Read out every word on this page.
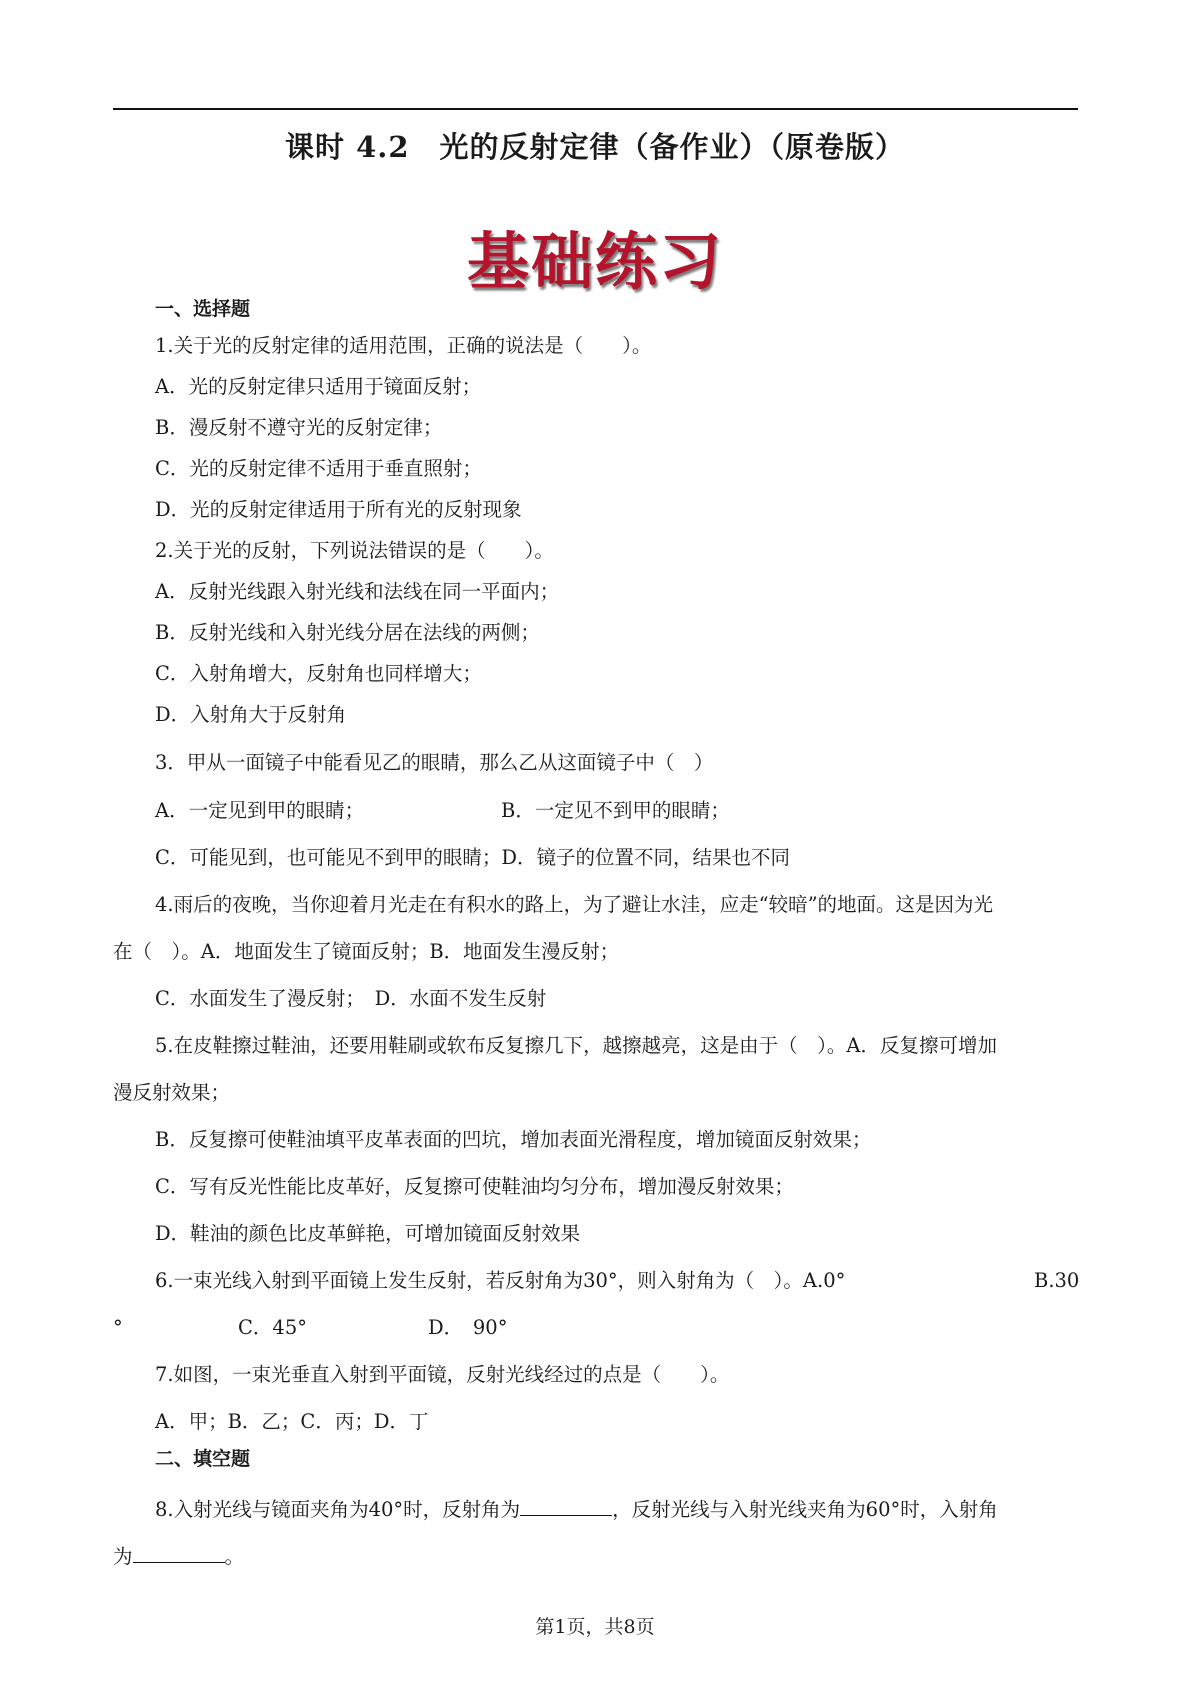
课时 4.2　光的反射定律（备作业）（原卷版）
基础练习
一、选择题
1.关于光的反射定律的适用范围，正确的说法是（　　）。
A．光的反射定律只适用于镜面反射；
B．漫反射不遵守光的反射定律；
C．光的反射定律不适用于垂直照射；
D．光的反射定律适用于所有光的反射现象
2.关于光的反射，下列说法错误的是（　　）。
A．反射光线跟入射光线和法线在同一平面内；
B．反射光线和入射光线分居在法线的两侧；
C．入射角增大，反射角也同样增大；
D．入射角大于反射角
3．甲从一面镜子中能看见乙的眼睛，那么乙从这面镜子中（　）
A．一定见到甲的眼睛；	B．一定见不到甲的眼睛；
C．可能见到，也可能见不到甲的眼睛；D．镜子的位置不同，结果也不同
4.雨后的夜晚，当你迎着月光走在有积水的路上，为了避让水洼，应走“较暗”的地面。这是因为光
在（　）。A．地面发生了镜面反射；B．地面发生漫反射；
C．水面发生了漫反射；　D．水面不发生反射
5.在皮鞋擦过鞋油，还要用鞋刷或软布反复擦几下，越擦越亮，这是由于（　）。A．反复擦可增加
漫反射效果；
B．反复擦可使鞋油填平皮革表面的凹坑，增加表面光滑程度，增加镜面反射效果；
C．写有反光性能比皮革好，反复擦可使鞋油均匀分布，增加漫反射效果；
D．鞋油的颜色比皮革鲜艳，可增加镜面反射效果
6.一束光线入射到平面镜上发生反射，若反射角为30°，则入射角为（　）。A.0°	B.30
°	C．45°	D．　90°
7.如图，一束光垂直入射到平面镜，反射光线经过的点是（　　）。
A．甲；B．乙；C．丙；D．丁
二、填空题
8.入射光线与镜面夹角为40°时，反射角为	，反射光线与入射光线夹角为60°时，入射角
为	。
第1页，共8页
